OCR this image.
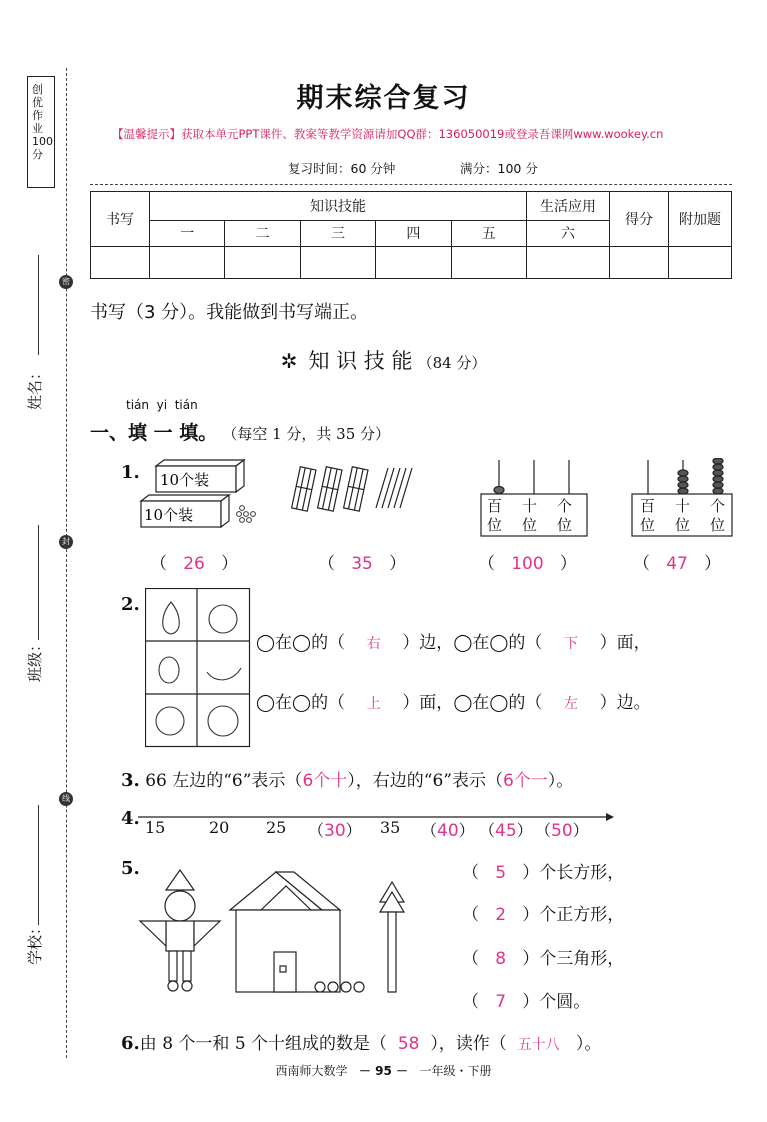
创优作业100分
密
封
线
姓名：
班级：
学校：
期末综合复习
【温馨提示】获取本单元PPT课件、教案等教学资源请加QQ群：136050019或登录吾课网www.wookey.cn
复习时间：60 分钟	满分：100 分
书写	知识技能					生活应用	得分	附加题
	一	二	三	四	五	六		

书写（3 分）。我能做到书写端正。
✲ 知 识 技 能 （84 分）
tián  yi  tián
一、填 一 填。 （每空 1 分，共 35 分）
1. 10个装
10个装	百 十 个
位 位 位
百 十 个
位 位 位
（   26   ）	（   35   ）	（   100   ）	（   47   ）
2.
◯在◯的（ 右 ）边，◯在◯的（ 下 ）面，
◯在◯的（ 上 ）面，◯在◯的（ 左 ）边。
3. 66 左边的“6”表示（6个十），右边的“6”表示（6个一）。
4. 15	20 25 （30） 35 （40） （45） （50）
5.	（   5   ）个长方形，
（   2   ）个正方形，
（   8   ）个三角形，
（   7   ）个圆。
6.由 8 个一和 5 个十组成的数是（ 58 ），读作（ 五十八 ）。
西南师大数学 － 95 － 一年级・下册
